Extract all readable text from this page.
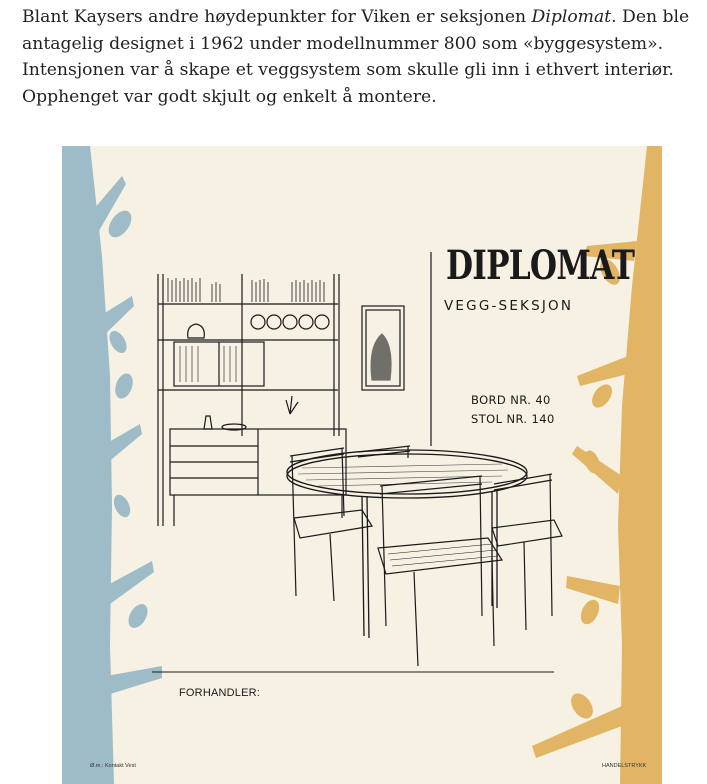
Blant Kaysers andre høydepunkter for Viken er seksjonen Diplomat. Den ble antagelig designet i 1962 under modellnummer 800 som «byggesystem». Intensjonen var å skape et veggsystem som skulle gli inn i ethvert interiør. Opphenget var godt skjult og enkelt å montere.
DIPLOMAT
VEGG-SEKSJON
BORD NR. 40
STOL NR. 140
FORHANDLER:
Ø.m.: Kontakt Vest	HANDELSTRYKK
